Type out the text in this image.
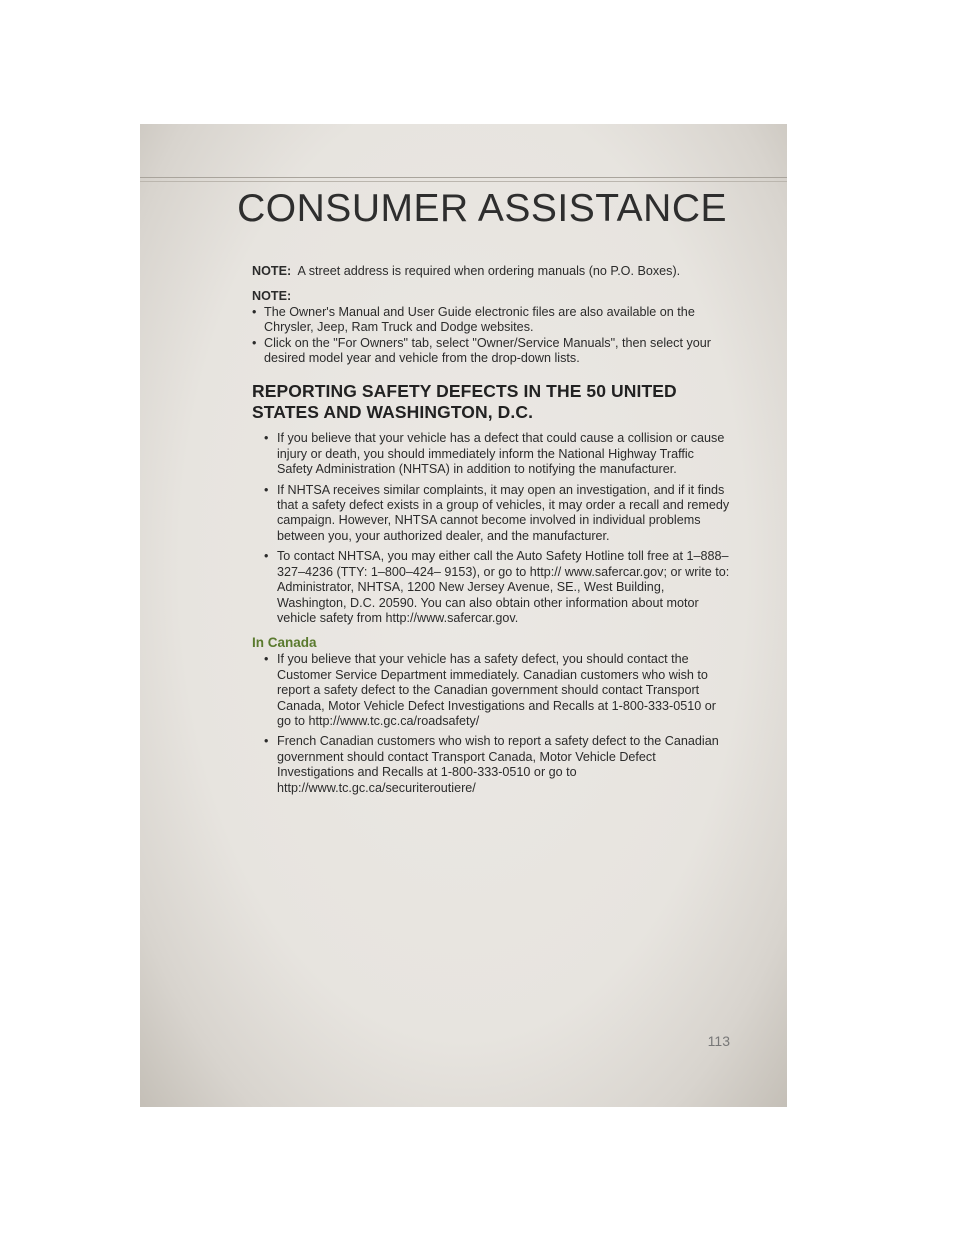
CONSUMER ASSISTANCE

NOTE: A street address is required when ordering manuals (no P.O. Boxes).

NOTE:

• The Owner's Manual and User Guide electronic files are also available on the Chrysler, Jeep, Ram Truck and Dodge websites.
• Click on the "For Owners" tab, select "Owner/Service Manuals", then select your desired model year and vehicle from the drop-down lists.
REPORTING SAFETY DEFECTS IN THE 50 UNITED STATES AND WASHINGTON, D.C.
• If you believe that your vehicle has a defect that could cause a collision or cause injury or death, you should immediately inform the National Highway Traffic Safety Administration (NHTSA) in addition to notifying the manufacturer.
• If NHTSA receives similar complaints, it may open an investigation, and if it finds that a safety defect exists in a group of vehicles, it may order a recall and remedy campaign. However, NHTSA cannot become involved in individual problems between you, your authorized dealer, and the manufacturer.
• To contact NHTSA, you may either call the Auto Safety Hotline toll free at 1–888–327–4236 (TTY: 1–800–424– 9153), or go to http:// www.safercar.gov; or write to: Administrator, NHTSA, 1200 New Jersey Avenue, SE., West Building, Washington, D.C. 20590. You can also obtain other information about motor vehicle safety from http://www.safercar.gov.
In Canada
• If you believe that your vehicle has a safety defect, you should contact the Customer Service Department immediately. Canadian customers who wish to report a safety defect to the Canadian government should contact Transport Canada, Motor Vehicle Defect Investigations and Recalls at 1-800-333-0510 or go to http://www.tc.gc.ca/roadsafety/
• French Canadian customers who wish to report a safety defect to the Canadian government should contact Transport Canada, Motor Vehicle Defect Investigations and Recalls at 1-800-333-0510 or go to http://www.tc.gc.ca/securiteroutiere/
113
